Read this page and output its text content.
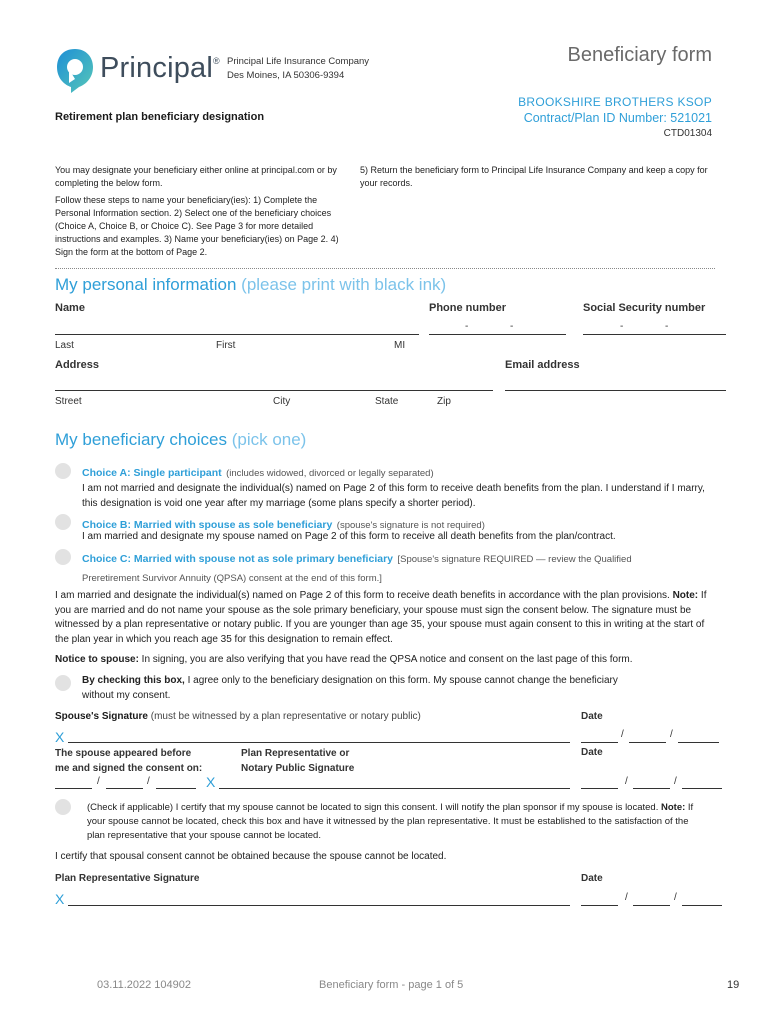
Principal® Principal Life Insurance Company
Des Moines, IA 50306-9394
Beneficiary form
BROOKSHIRE BROTHERS KSOP
Contract/Plan ID Number: 521021
CTD01304
Retirement plan beneficiary designation
You may designate your beneficiary either online at principal.com or by completing the below form.
Follow these steps to name your beneficiary(ies): 1) Complete the Personal Information section. 2) Select one of the beneficiary choices (Choice A, Choice B, or Choice C). See Page 3 for more detailed instructions and examples. 3) Name your beneficiary(ies) on Page 2. 4) Sign the form at the bottom of Page 2.
5) Return the beneficiary form to Principal Life Insurance Company and keep a copy for your records.
My personal information (please print with black ink)
Name	Phone number	Social Security number
-	-	-	-
Last	First	MI
Address	Email address
Street	City	State	Zip
My beneficiary choices (pick one)
Choice A: Single participant (includes widowed, divorced or legally separated)
I am not married and designate the individual(s) named on Page 2 of this form to receive death benefits from the plan. I understand if I marry, this designation is void one year after my marriage (some plans specify a shorter period).
Choice B: Married with spouse as sole beneficiary (spouse's signature is not required)
I am married and designate my spouse named on Page 2 of this form to receive all death benefits from the plan/contract.
Choice C: Married with spouse not as sole primary beneficiary [Spouse's signature REQUIRED — review the Qualified Preretirement Survivor Annuity (QPSA) consent at the end of this form.]
I am married and designate the individual(s) named on Page 2 of this form to receive death benefits in accordance with the plan provisions. Note: If you are married and do not name your spouse as the sole primary beneficiary, your spouse must sign the consent below. The signature must be witnessed by a plan representative or notary public. If you are younger than age 35, your spouse must again consent to this in writing at the start of the plan year in which you reach age 35 for this designation to remain effect.
Notice to spouse: In signing, you are also verifying that you have read the QPSA notice and consent on the last page of this form.
By checking this box, I agree only to the beneficiary designation on this form. My spouse cannot change the beneficiary without my consent.
Spouse's Signature (must be witnessed by a plan representative or notary public)	Date
X	/	/
The spouse appeared before
me and signed the consent on:
Plan Representative or
Notary Public Signature
Date
/	/	X	/	/
(Check if applicable) I certify that my spouse cannot be located to sign this consent. I will notify the plan sponsor if my spouse is located. Note: If your spouse cannot be located, check this box and have it witnessed by the plan representative. It must be established to the satisfaction of the plan representative that your spouse cannot be located.
I certify that spousal consent cannot be obtained because the spouse cannot be located.
Plan Representative Signature	Date
X	/	/
03.11.2022 104902	Beneficiary form - page 1 of 5	19
